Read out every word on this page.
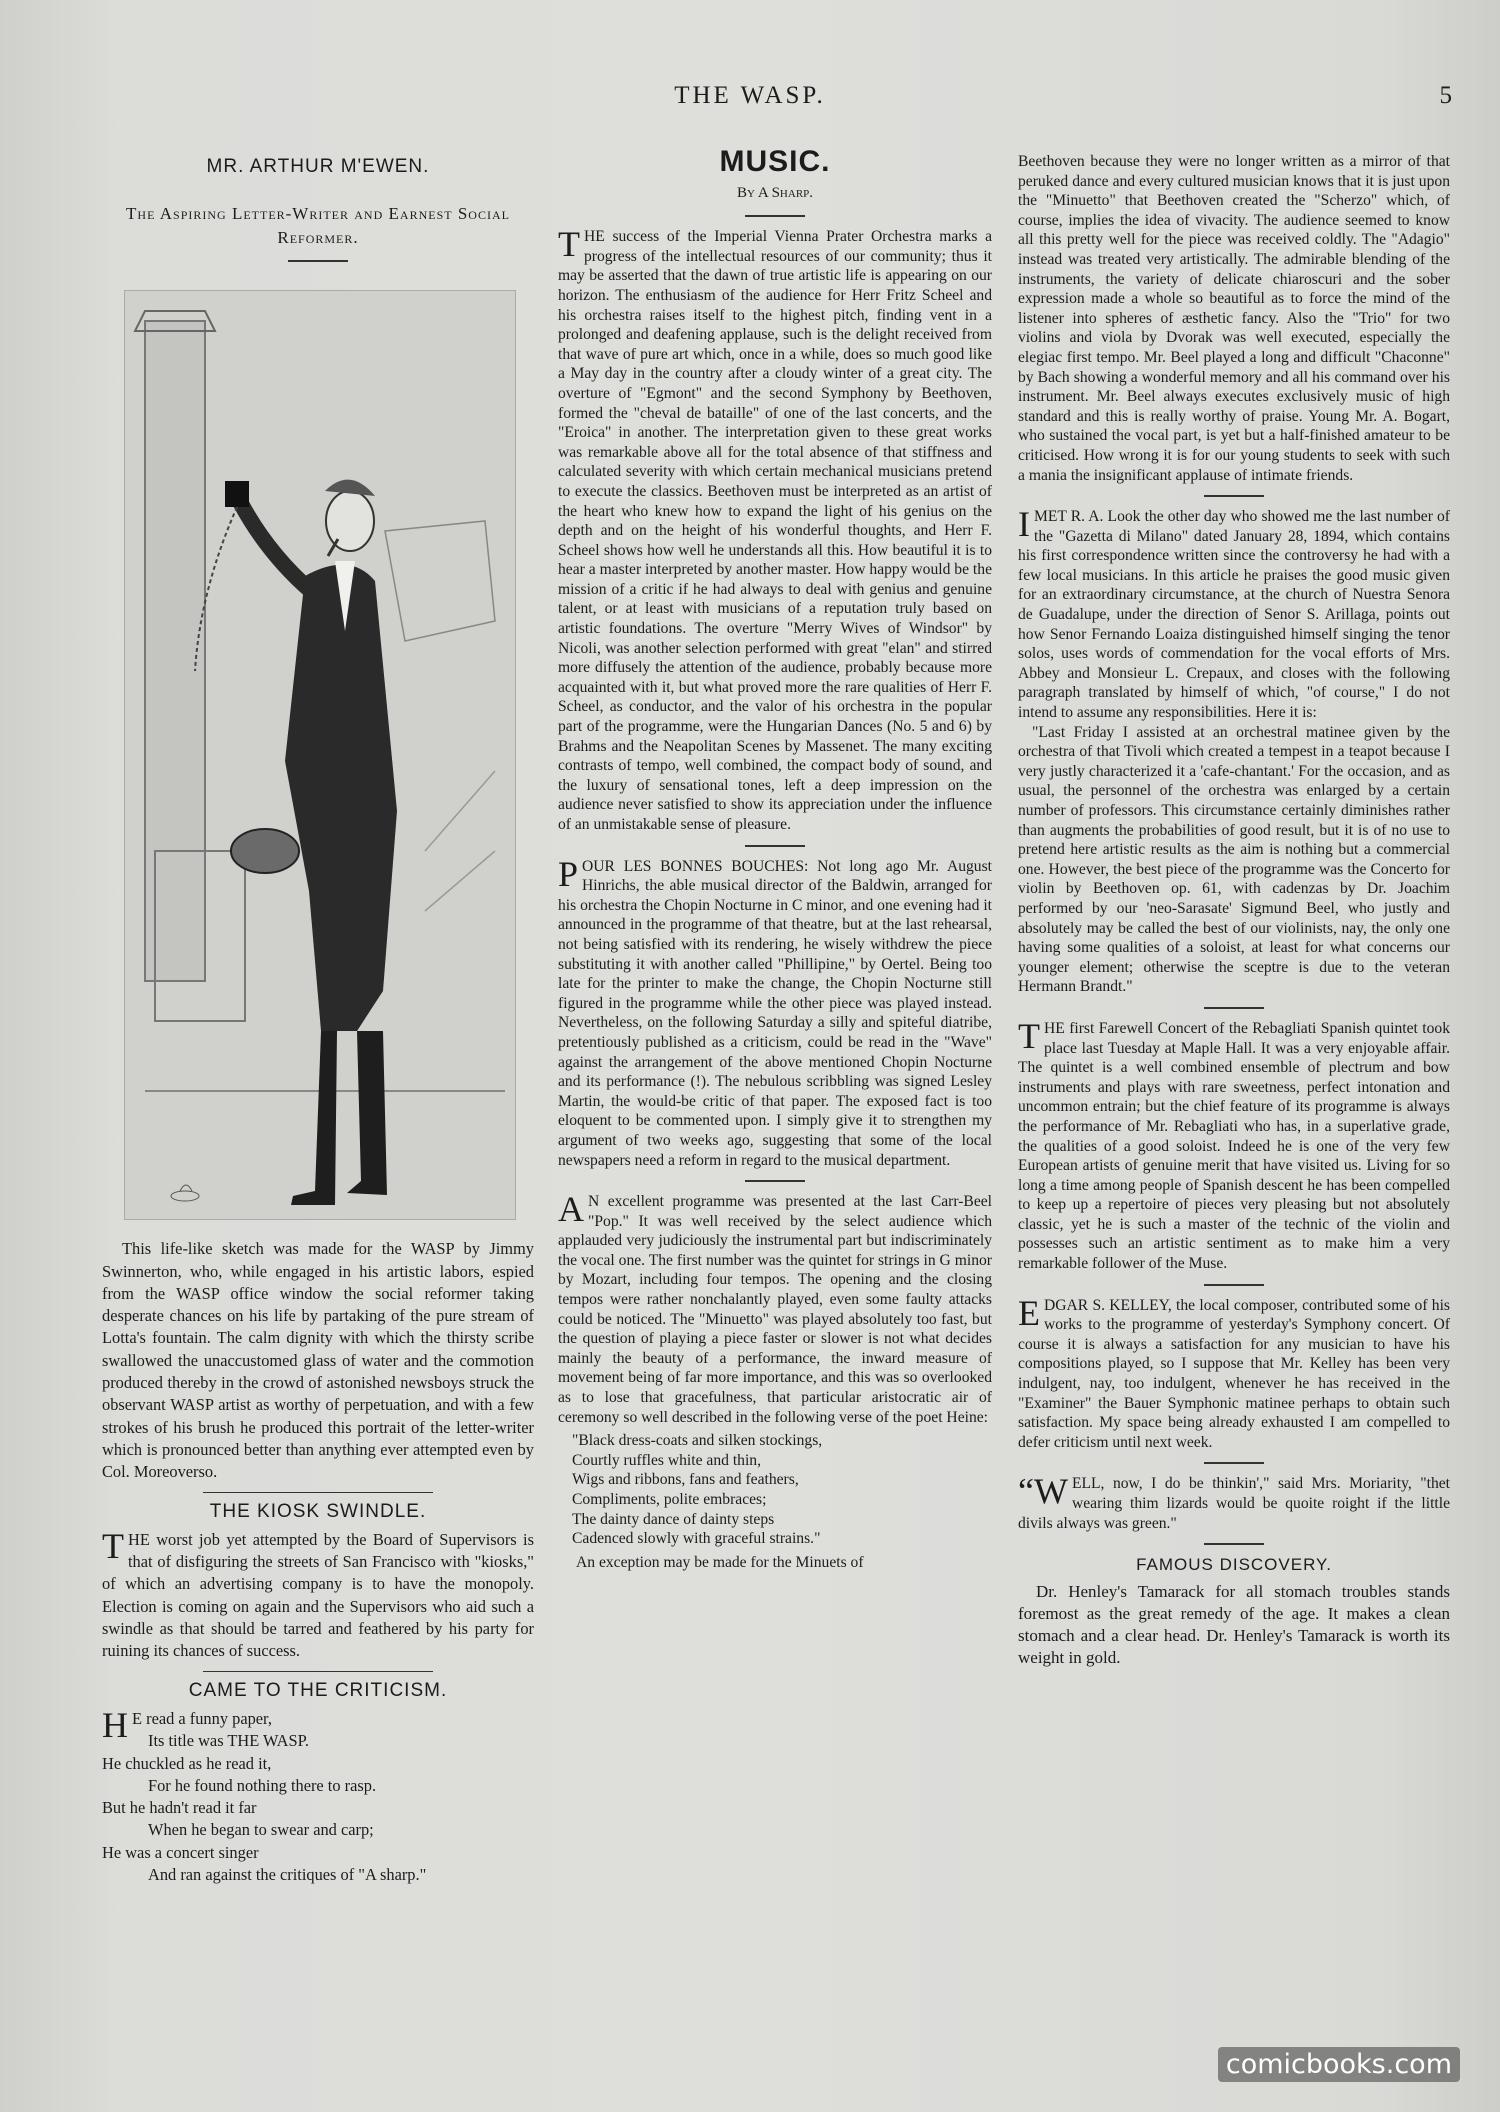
THE WASP.	5
MR. ARTHUR M'EWEN.
The Aspiring Letter-Writer and Earnest Social Reformer.

This life-like sketch was made for the WASP by Jimmy Swinnerton, who, while engaged in his artistic labors, espied from the WASP office window the social reformer taking desperate chances on his life by partaking of the pure stream of Lotta's fountain. The calm dignity with which the thirsty scribe swallowed the unaccustomed glass of water and the commotion produced thereby in the crowd of astonished newsboys struck the observant WASP artist as worthy of perpetuation, and with a few strokes of his brush he produced this portrait of the letter-writer which is pronounced better than anything ever attempted even by Col. Moreoverso.

THE KIOSK SWINDLE.

THE worst job yet attempted by the Board of Supervisors is that of disfiguring the streets of San Francisco with "kiosks," of which an advertising company is to have the monopoly. Election is coming on again and the Supervisors who aid such a swindle as that should be tarred and feathered by his party for ruining its chances of success.

CAME TO THE CRITICISM.
H E read a funny paper,
Its title was THE WASP.
He chuckled as he read it,
For he found nothing there to rasp.
But he hadn't read it far
When he began to swear and carp;
He was a concert singer
And ran against the critiques of "A sharp."
MUSIC.
By A Sharp.

THE success of the Imperial Vienna Prater Orchestra marks a progress of the intellectual resources of our community; thus it may be asserted that the dawn of true artistic life is appearing on our horizon. The enthusiasm of the audience for Herr Fritz Scheel and his orchestra raises itself to the highest pitch, finding vent in a prolonged and deafening applause, such is the delight received from that wave of pure art which, once in a while, does so much good like a May day in the country after a cloudy winter of a great city. The overture of "Egmont" and the second Symphony by Beethoven, formed the "cheval de bataille" of one of the last concerts, and the "Eroica" in another. The interpretation given to these great works was remarkable above all for the total absence of that stiffness and calculated severity with which certain mechanical musicians pretend to execute the classics. Beethoven must be interpreted as an artist of the heart who knew how to expand the light of his genius on the depth and on the height of his wonderful thoughts, and Herr F. Scheel shows how well he understands all this. How beautiful it is to hear a master interpreted by another master. How happy would be the mission of a critic if he had always to deal with genius and genuine talent, or at least with musicians of a reputation truly based on artistic foundations. The overture "Merry Wives of Windsor" by Nicoli, was another selection performed with great "elan" and stirred more diffusely the attention of the audience, probably because more acquainted with it, but what proved more the rare qualities of Herr F. Scheel, as conductor, and the valor of his orchestra in the popular part of the programme, were the Hungarian Dances (No. 5 and 6) by Brahms and the Neapolitan Scenes by Massenet. The many exciting contrasts of tempo, well combined, the compact body of sound, and the luxury of sensational tones, left a deep impression on the audience never satisfied to show its appreciation under the influence of an unmistakable sense of pleasure.

POUR LES BONNES BOUCHES: Not long ago Mr. August Hinrichs, the able musical director of the Baldwin, arranged for his orchestra the Chopin Nocturne in C minor, and one evening had it announced in the programme of that theatre, but at the last rehearsal, not being satisfied with its rendering, he wisely withdrew the piece substituting it with another called "Phillipine," by Oertel. Being too late for the printer to make the change, the Chopin Nocturne still figured in the programme while the other piece was played instead. Nevertheless, on the following Saturday a silly and spiteful diatribe, pretentiously published as a criticism, could be read in the "Wave" against the arrangement of the above mentioned Chopin Nocturne and its performance (!). The nebulous scribbling was signed Lesley Martin, the would-be critic of that paper. The exposed fact is too eloquent to be commented upon. I simply give it to strengthen my argument of two weeks ago, suggesting that some of the local newspapers need a reform in regard to the musical department.

A N excellent programme was presented at the last Carr-Beel "Pop." It was well received by the select audience which applauded very judiciously the instrumental part but indiscriminately the vocal one. The first number was the quintet for strings in G minor by Mozart, including four tempos. The opening and the closing tempos were rather nonchalantly played, even some faulty attacks could be noticed. The "Minuetto" was played absolutely too fast, but the question of playing a piece faster or slower is not what decides mainly the beauty of a performance, the inward measure of movement being of far more importance, and this was so overlooked as to lose that gracefulness, that particular aristocratic air of ceremony so well described in the following verse of the poet Heine:

"Black dress-coats and silken stockings,
Courtly ruffles white and thin,
Wigs and ribbons, fans and feathers,
Compliments, polite embraces;
The dainty dance of dainty steps
Cadenced slowly with graceful strains."

An exception may be made for the Minuets of

Beethoven because they were no longer written as a mirror of that peruked dance and every cultured musician knows that it is just upon the "Minuetto" that Beethoven created the "Scherzo" which, of course, implies the idea of vivacity. The audience seemed to know all this pretty well for the piece was received coldly. The "Adagio" instead was treated very artistically. The admirable blending of the instruments, the variety of delicate chiaroscuri and the sober expression made a whole so beautiful as to force the mind of the listener into spheres of æsthetic fancy. Also the "Trio" for two violins and viola by Dvorak was well executed, especially the elegiac first tempo. Mr. Beel played a long and difficult "Chaconne" by Bach showing a wonderful memory and all his command over his instrument. Mr. Beel always executes exclusively music of high standard and this is really worthy of praise. Young Mr. A. Bogart, who sustained the vocal part, is yet but a half-finished amateur to be criticised. How wrong it is for our young students to seek with such a mania the insignificant applause of intimate friends.

IMET R. A. Look the other day who showed me the last number of the "Gazetta di Milano" dated January 28, 1894, which contains his first correspondence written since the controversy he had with a few local musicians. In this article he praises the good music given for an extraordinary circumstance, at the church of Nuestra Senora de Guadalupe, under the direction of Senor S. Arillaga, points out how Senor Fernando Loaiza distinguished himself singing the tenor solos, uses words of commendation for the vocal efforts of Mrs. Abbey and Monsieur L. Crepaux, and closes with the following paragraph translated by himself of which, "of course," I do not intend to assume any responsibilities. Here it is:

"Last Friday I assisted at an orchestral matinee given by the orchestra of that Tivoli which created a tempest in a teapot because I very justly characterized it a 'cafe-chantant.' For the occasion, and as usual, the personnel of the orchestra was enlarged by a certain number of professors. This circumstance certainly diminishes rather than augments the probabilities of good result, but it is of no use to pretend here artistic results as the aim is nothing but a commercial one. However, the best piece of the programme was the Concerto for violin by Beethoven op. 61, with cadenzas by Dr. Joachim performed by our 'neo-Sarasate' Sigmund Beel, who justly and absolutely may be called the best of our violinists, nay, the only one having some qualities of a soloist, at least for what concerns our younger element; otherwise the sceptre is due to the veteran Hermann Brandt."

THE first Farewell Concert of the Rebagliati Spanish quintet took place last Tuesday at Maple Hall. It was a very enjoyable affair. The quintet is a well combined ensemble of plectrum and bow instruments and plays with rare sweetness, perfect intonation and uncommon entrain; but the chief feature of its programme is always the performance of Mr. Rebagliati who has, in a superlative grade, the qualities of a good soloist. Indeed he is one of the very few European artists of genuine merit that have visited us. Living for so long a time among people of Spanish descent he has been compelled to keep up a repertoire of pieces very pleasing but not absolutely classic, yet he is such a master of the technic of the violin and possesses such an artistic sentiment as to make him a very remarkable follower of the Muse.

EDGAR S. KELLEY, the local composer, contributed some of his works to the programme of yesterday's Symphony concert. Of course it is always a satisfaction for any musician to have his compositions played, so I suppose that Mr. Kelley has been very indulgent, nay, too indulgent, whenever he has received in the "Examiner" the Bauer Symphonic matinee perhaps to obtain such satisfaction. My space being already exhausted I am compelled to defer criticism until next week.

“WELL, now, I do be thinkin'," said Mrs. Moriarity, "thet wearing thim lizards would be quoite roight if the little divils always was green."

FAMOUS DISCOVERY.

Dr. Henley's Tamarack for all stomach troubles stands foremost as the great remedy of the age. It makes a clean stomach and a clear head. Dr. Henley's Tamarack is worth its weight in gold.

comicbooks.com
